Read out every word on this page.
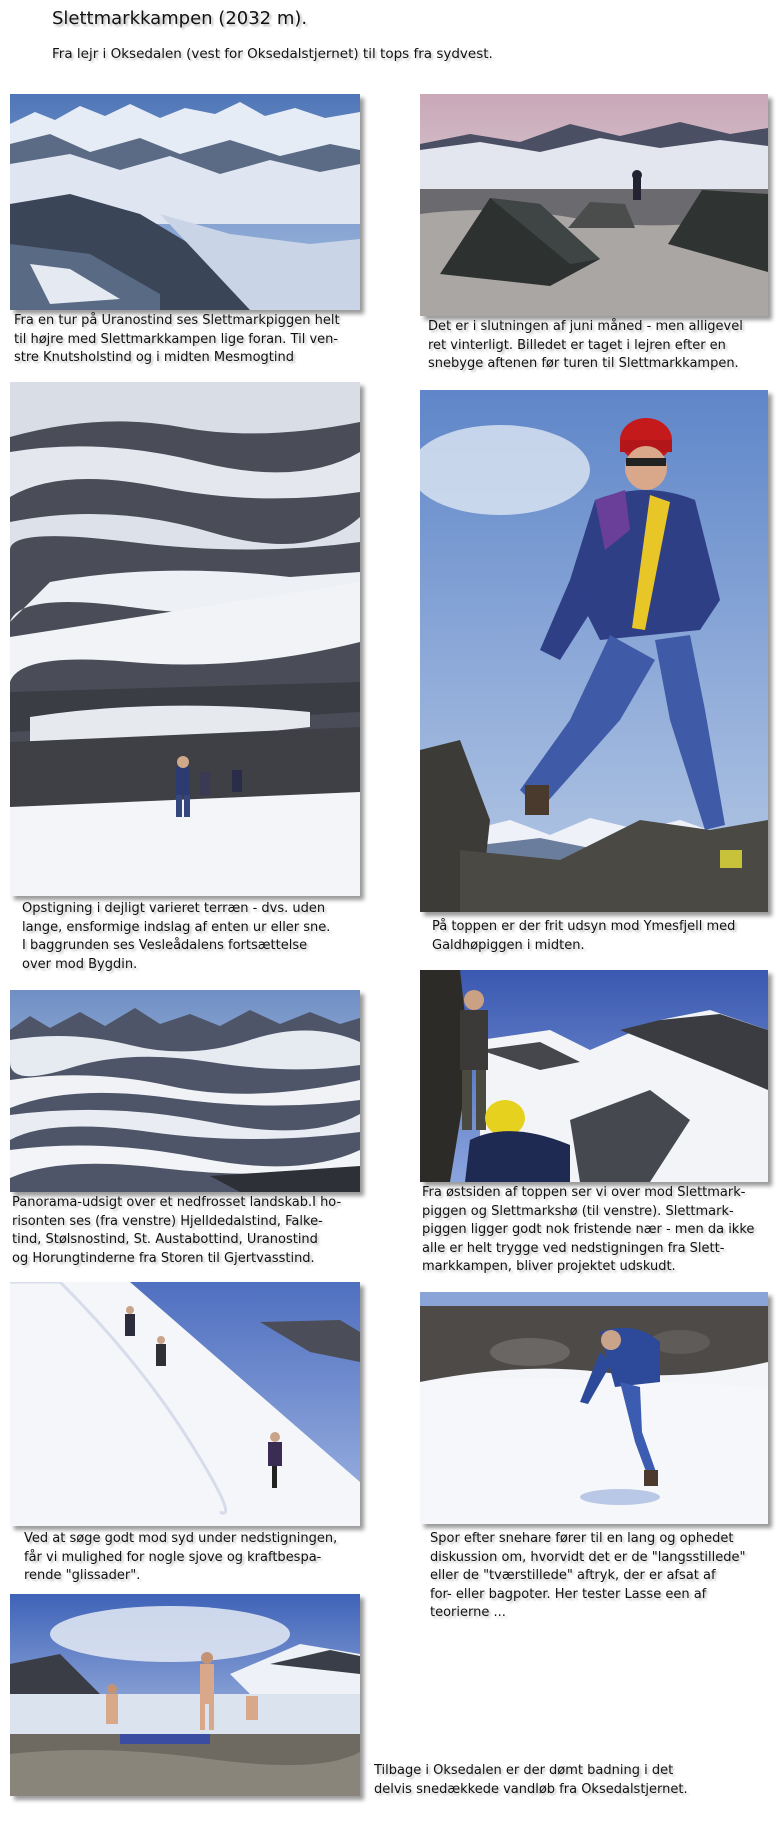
Slettmarkkampen (2032 m).
Fra lejr i Oksedalen (vest for Oksedalstjernet) til tops fra sydvest.
Fra en tur på Uranostind ses Slettmarkpiggen helt
til højre med Slettmarkkampen lige foran. Til ven-
stre Knutsholstind og i midten Mesmogtind
Det er i slutningen af juni måned - men alligevel
ret vinterligt. Billedet er taget i lejren efter en
snebyge aftenen før turen til Slettmarkkampen.
Opstigning i dejligt varieret terræn - dvs. uden
lange, ensformige indslag af enten ur eller sne.
I baggrunden ses Vesleådalens fortsættelse
over mod Bygdin.
På toppen er der frit udsyn mod Ymesfjell med
Galdhøpiggen i midten.
Panorama-udsigt over et nedfrosset landskab.I ho-
risonten ses (fra venstre) Hjelldedalstind, Falke-
tind, Stølsnostind, St. Austabottind, Uranostind
og Horungtinderne fra Storen til Gjertvasstind.
Fra østsiden af toppen ser vi over mod Slettmark-
piggen og Slettmarkshø (til venstre). Slettmark-
piggen ligger godt nok fristende nær - men da ikke
alle er helt trygge ved nedstigningen fra Slett-
markkampen, bliver projektet udskudt.
Ved at søge godt mod syd under nedstigningen,
får vi mulighed for nogle sjove og kraftbespa-
rende "glissader".
Spor efter snehare fører til en lang og ophedet
diskussion om, hvorvidt det er de "langsstillede"
eller de "tværstillede" aftryk, der er afsat af
for- eller bagpoter. Her tester Lasse een af
teorierne ...
Tilbage i Oksedalen er der dømt badning i det
delvis snedækkede vandløb fra Oksedalstjernet.
